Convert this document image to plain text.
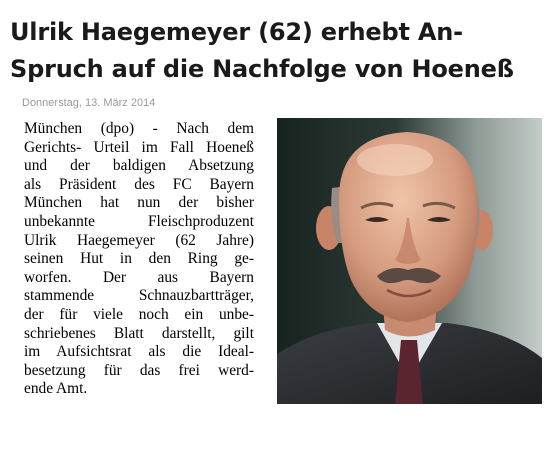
Ulrik Haegemeyer (62) erhebt An-
Spruch auf die Nachfolge von Hoeneß
Donnerstag, 13. März 2014
München (dpo) - Nach dem
Gerichts- Urteil im Fall Hoeneß
und der baldigen Absetzung
als Präsident des FC Bayern
München hat nun der bisher
unbekannte Fleischproduzent
Ulrik Haegemeyer (62 Jahre)
seinen Hut in den Ring ge-
worfen. Der aus Bayern
stammende Schnauzbartträger,
der für viele noch ein unbe-
schriebenes Blatt darstellt, gilt
im Aufsichtsrat als die Ideal-
besetzung für das frei werd-
ende Amt.
